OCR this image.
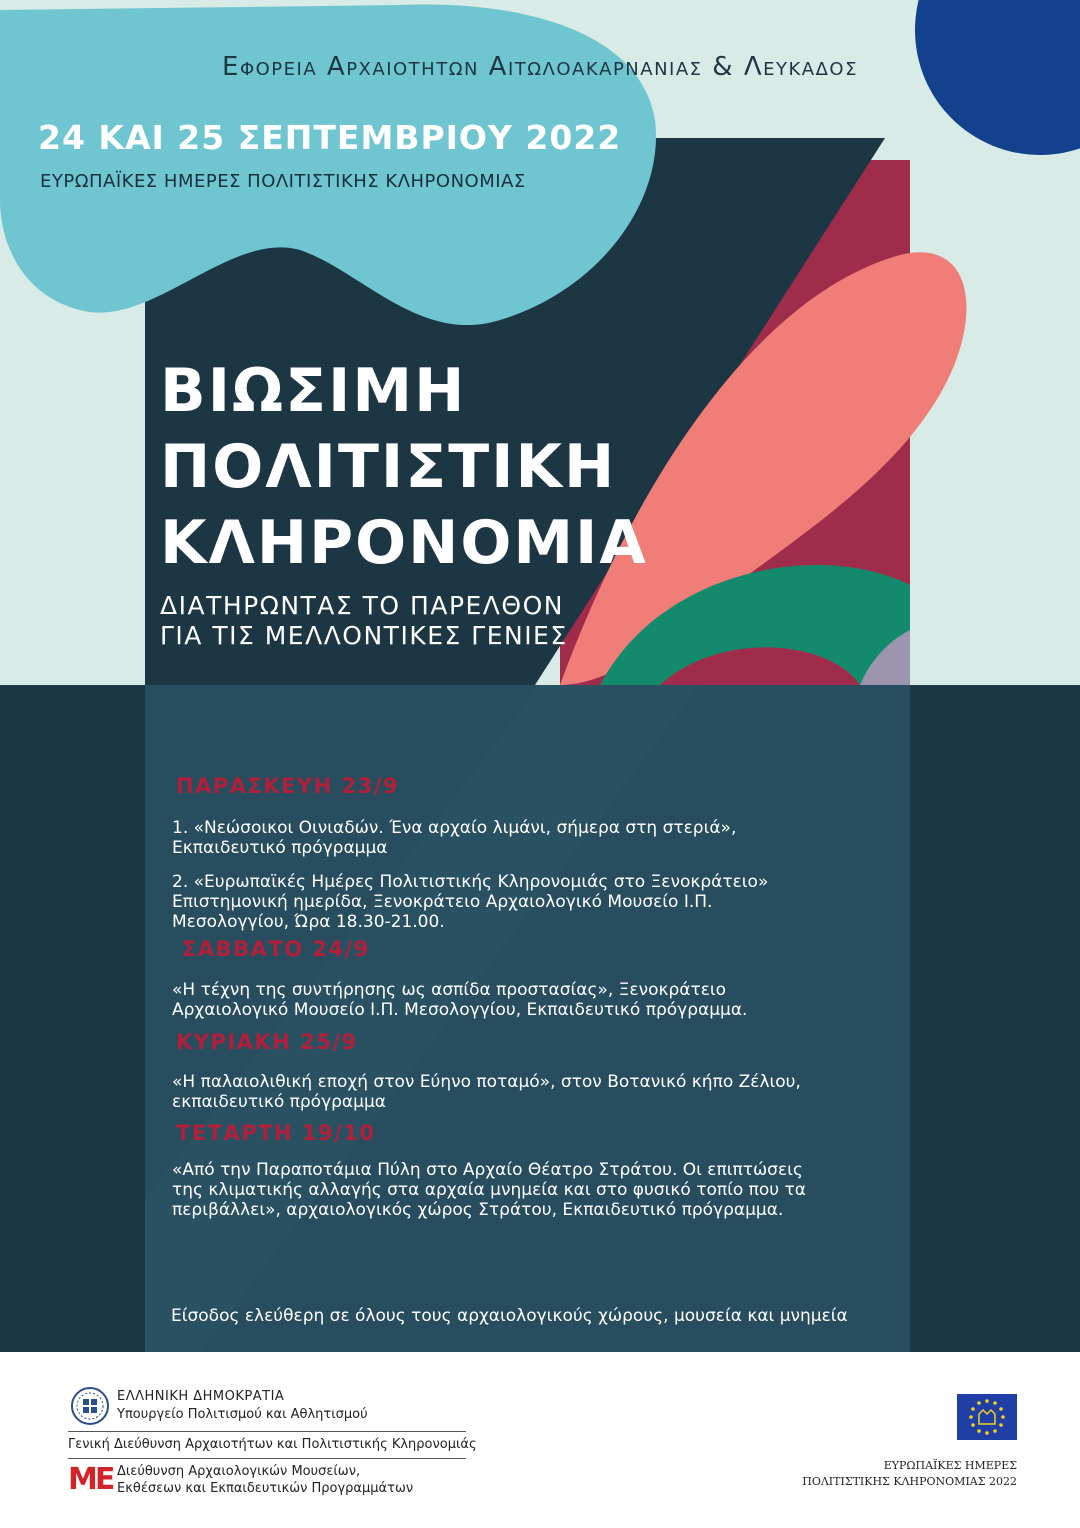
Εφορεια Αρχαιοτητων Αιτωλοακαρνανιας & Λευκαδος
24 ΚΑΙ 25 ΣΕΠΤΕΜΒΡΙΟΥ 2022
ΕΥΡΩΠΑΪΚΕΣ ΗΜΕΡΕΣ ΠΟΛΙΤΙΣΤΙΚΗΣ ΚΛΗΡΟΝΟΜΙΑΣ
ΒΙΩΣΙΜΗ
ΠΟΛΙΤΙΣΤΙΚΗ
ΚΛΗΡΟΝΟΜΙΑ
ΔΙΑΤΗΡΩΝΤΑΣ ΤΟ ΠΑΡΕΛΘΟΝ
ΓΙΑ ΤΙΣ ΜΕΛΛΟΝΤΙΚΕΣ ΓΕΝΙΕΣ
ΠΑΡΑΣΚΕΥΗ 23/9
1. «Νεώσοικοι Οινιαδών. Ένα αρχαίο λιμάνι, σήμερα στη στεριά»,
Εκπαιδευτικό πρόγραμμα
2. «Ευρωπαϊκές Ημέρες Πολιτιστικής Κληρονομιάς στο Ξενοκράτειο»
Επιστημονική ημερίδα, Ξενοκράτειο Αρχαιολογικό Μουσείο Ι.Π.
Μεσολογγίου, Ώρα 18.30-21.00.
ΣΑΒΒΑΤΟ 24/9
«Η τέχνη της συντήρησης ως ασπίδα προστασίας», Ξενοκράτειο
Αρχαιολογικό Μουσείο Ι.Π. Μεσολογγίου, Εκπαιδευτικό πρόγραμμα.
ΚΥΡΙΑΚΗ 25/9
«Η παλαιολιθική εποχή στον Εύηνο ποταμό», στον Βοτανικό κήπο Ζέλιου,
εκπαιδευτικό πρόγραμμα
ΤΕΤΑΡΤΗ 19/10
«Από την Παραποτάμια Πύλη στο Αρχαίο Θέατρο Στράτου. Οι επιπτώσεις
της κλιματικής αλλαγής στα αρχαία μνημεία και στο φυσικό τοπίο που τα
περιβάλλει», αρχαιολογικός χώρος Στράτου, Εκπαιδευτικό πρόγραμμα.
Είσοδος ελεύθερη σε όλους τους αρχαιολογικούς χώρους, μουσεία και μνημεία
ΕΛΛΗΝΙΚΗ ΔΗΜΟΚΡΑΤΙΑ
Υπουργείο Πολιτισμού και Αθλητισμού
Γενική Διεύθυνση Αρχαιοτήτων και Πολιτιστικής Κληρονομιάς
ΜΕ Διεύθυνση Αρχαιολογικών Μουσείων,
Εκθέσεων και Εκπαιδευτικών Προγραμμάτων
ΕΥΡΩΠΑΪΚΕΣ ΗΜΕΡΕΣ
ΠΟΛΙΤΙΣΤΙΚΗΣ ΚΛΗΡΟΝΟΜΙΑΣ 2022
